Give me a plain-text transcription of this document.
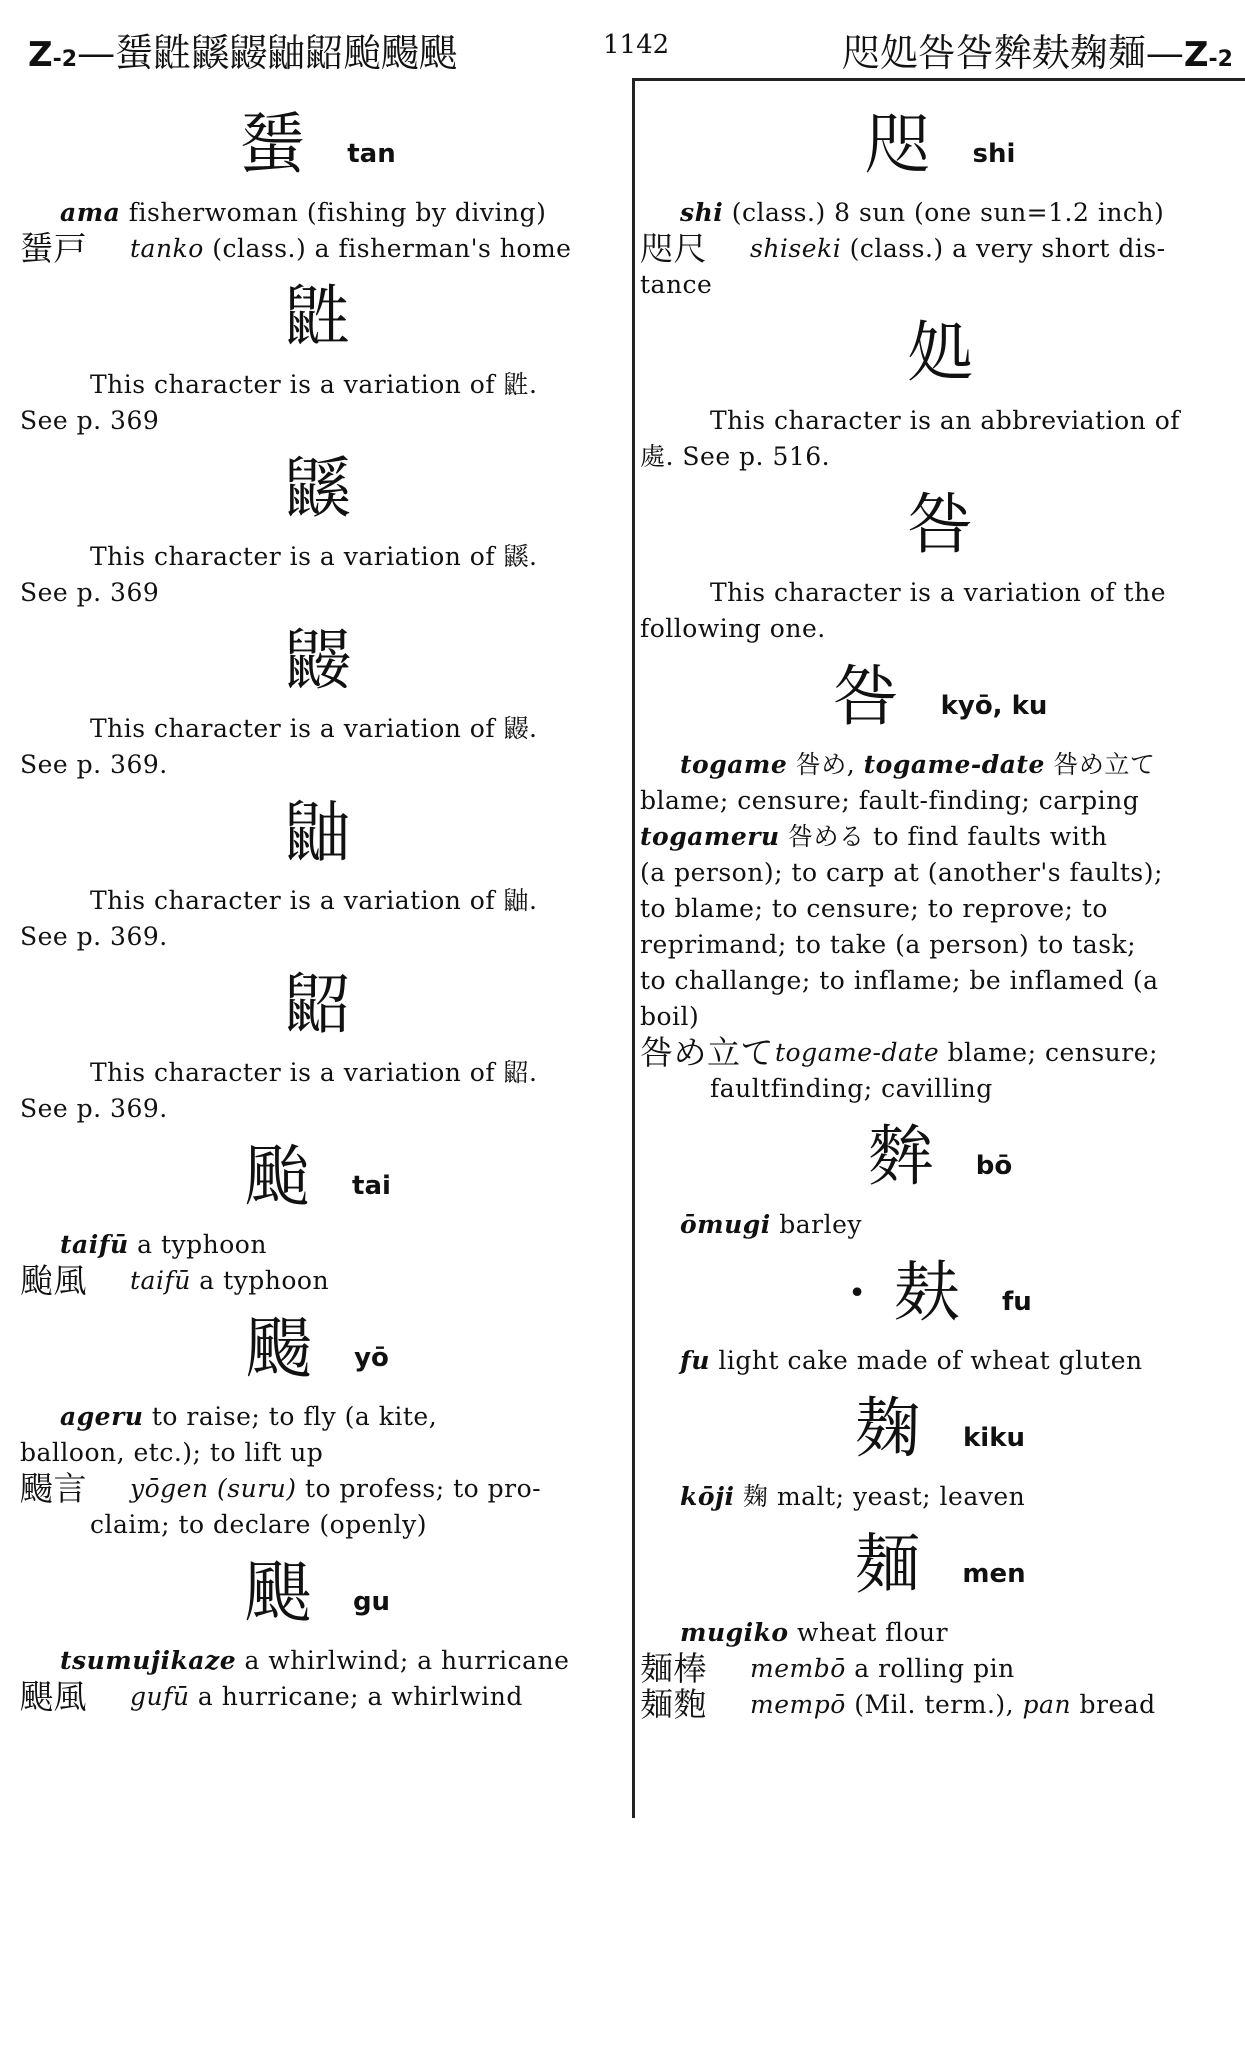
Z-2—蜑鼪鼷鼹鼬鼦颱颺颶	1142	咫処咎咎麰麸麹麺—Z-2
蜑 tan
ama fisherwoman (fishing by diving)
蜑戸	tanko (class.) a fisherman's home
鼪
This character is a variation of 鼪.
See p. 369
鼷
This character is a variation of 鼷.
See p. 369
鼹
This character is a variation of 鼹.
See p. 369.
鼬
This character is a variation of 鼬.
See p. 369.
鼦
This character is a variation of 鼦.
See p. 369.
颱 tai
taifū a typhoon
颱風	taifū a typhoon
颺 yō
ageru to raise; to fly (a kite,
balloon, etc.); to lift up
颺言	yōgen (suru) to profess; to pro-
claim; to declare (openly)
颶 gu
tsumujikaze a whirlwind; a hurricane
颶風	gufū a hurricane; a whirlwind
咫 shi
shi (class.) 8 sun (one sun=1.2 inch)
咫尺	shiseki (class.) a very short dis-
tance
処
This character is an abbreviation of
處. See p. 516.
咎
This character is a variation of the
following one.
咎 kyō, ku
togame 咎め, togame-date 咎め立て
blame; censure; fault-finding; carping
togameru 咎める to find faults with
(a person); to carp at (another's faults);
to blame; to censure; to reprove; to
reprimand; to take (a person) to task;
to challange; to inflame; be inflamed (a
boil)
咎め立て togame-date blame; censure;
faultfinding; cavilling
麰 bō
ōmugi barley
• 麸 fu
fu light cake made of wheat gluten
麹 kiku
kōji 麹 malt; yeast; leaven
麺 men
mugiko wheat flour
麺棒	membō a rolling pin
麺麭	mempō (Mil. term.), pan bread
